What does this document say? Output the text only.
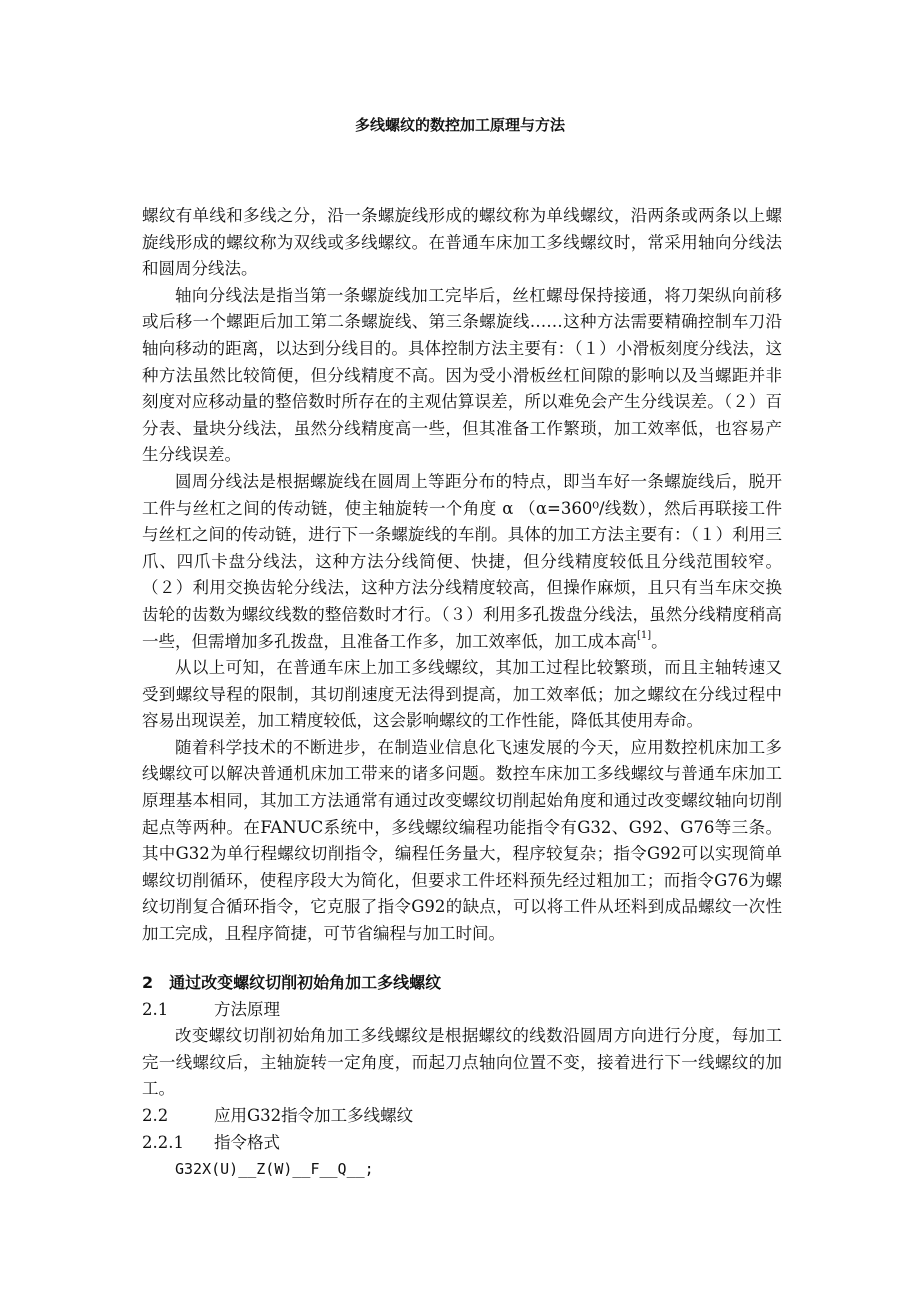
多线螺纹的数控加工原理与方法

螺纹有单线和多线之分，沿一条螺旋线形成的螺纹称为单线螺纹，沿两条或两条以上螺旋线形成的螺纹称为双线或多线螺纹。在普通车床加工多线螺纹时，常采用轴向分线法和圆周分线法。

轴向分线法是指当第一条螺旋线加工完毕后，丝杠螺母保持接通，将刀架纵向前移或后移一个螺距后加工第二条螺旋线、第三条螺旋线……这种方法需要精确控制车刀沿轴向移动的距离，以达到分线目的。具体控制方法主要有：（１）小滑板刻度分线法，这种方法虽然比较简便，但分线精度不高。因为受小滑板丝杠间隙的影响以及当螺距并非刻度对应移动量的整倍数时所存在的主观估算误差，所以难免会产生分线误差。（２）百分表、量块分线法，虽然分线精度高一些，但其准备工作繁琐，加工效率低，也容易产生分线误差。

圆周分线法是根据螺旋线在圆周上等距分布的特点，即当车好一条螺旋线后，脱开工件与丝杠之间的传动链，使主轴旋转一个角度 α （α=360⁰/线数），然后再联接工件与丝杠之间的传动链，进行下一条螺旋线的车削。具体的加工方法主要有：（１）利用三爪、四爪卡盘分线法，这种方法分线简便、快捷，但分线精度较低且分线范围较窄。（２）利用交换齿轮分线法，这种方法分线精度较高，但操作麻烦，且只有当车床交换齿轮的齿数为螺纹线数的整倍数时才行。（３）利用多孔拨盘分线法，虽然分线精度稍高一些，但需增加多孔拨盘，且准备工作多，加工效率低，加工成本高[1]。

从以上可知，在普通车床上加工多线螺纹，其加工过程比较繁琐，而且主轴转速又受到螺纹导程的限制，其切削速度无法得到提高，加工效率低；加之螺纹在分线过程中容易出现误差，加工精度较低，这会影响螺纹的工作性能，降低其使用寿命。

随着科学技术的不断进步，在制造业信息化飞速发展的今天，应用数控机床加工多线螺纹可以解决普通机床加工带来的诸多问题。数控车床加工多线螺纹与普通车床加工原理基本相同，其加工方法通常有通过改变螺纹切削起始角度和通过改变螺纹轴向切削起点等两种。在FANUC系统中，多线螺纹编程功能指令有G32、G92、G76等三条。其中G32为单行程螺纹切削指令，编程任务量大，程序较复杂；指令G92可以实现简单螺纹切削循环，使程序段大为简化，但要求工件坯料预先经过粗加工；而指令G76为螺纹切削复合循环指令，它克服了指令G92的缺点，可以将工件从坯料到成品螺纹一次性加工完成，且程序简捷，可节省编程与加工时间。

2　通过改变螺纹切削初始角加工多线螺纹
2.1	方法原理

改变螺纹切削初始角加工多线螺纹是根据螺纹的线数沿圆周方向进行分度，每加工完一线螺纹后，主轴旋转一定角度，而起刀点轴向位置不变，接着进行下一线螺纹的加工。

2.2	应用G32指令加工多线螺纹
2.2.1 指令格式
G32X(U)__Z(W)__F__Q__;
